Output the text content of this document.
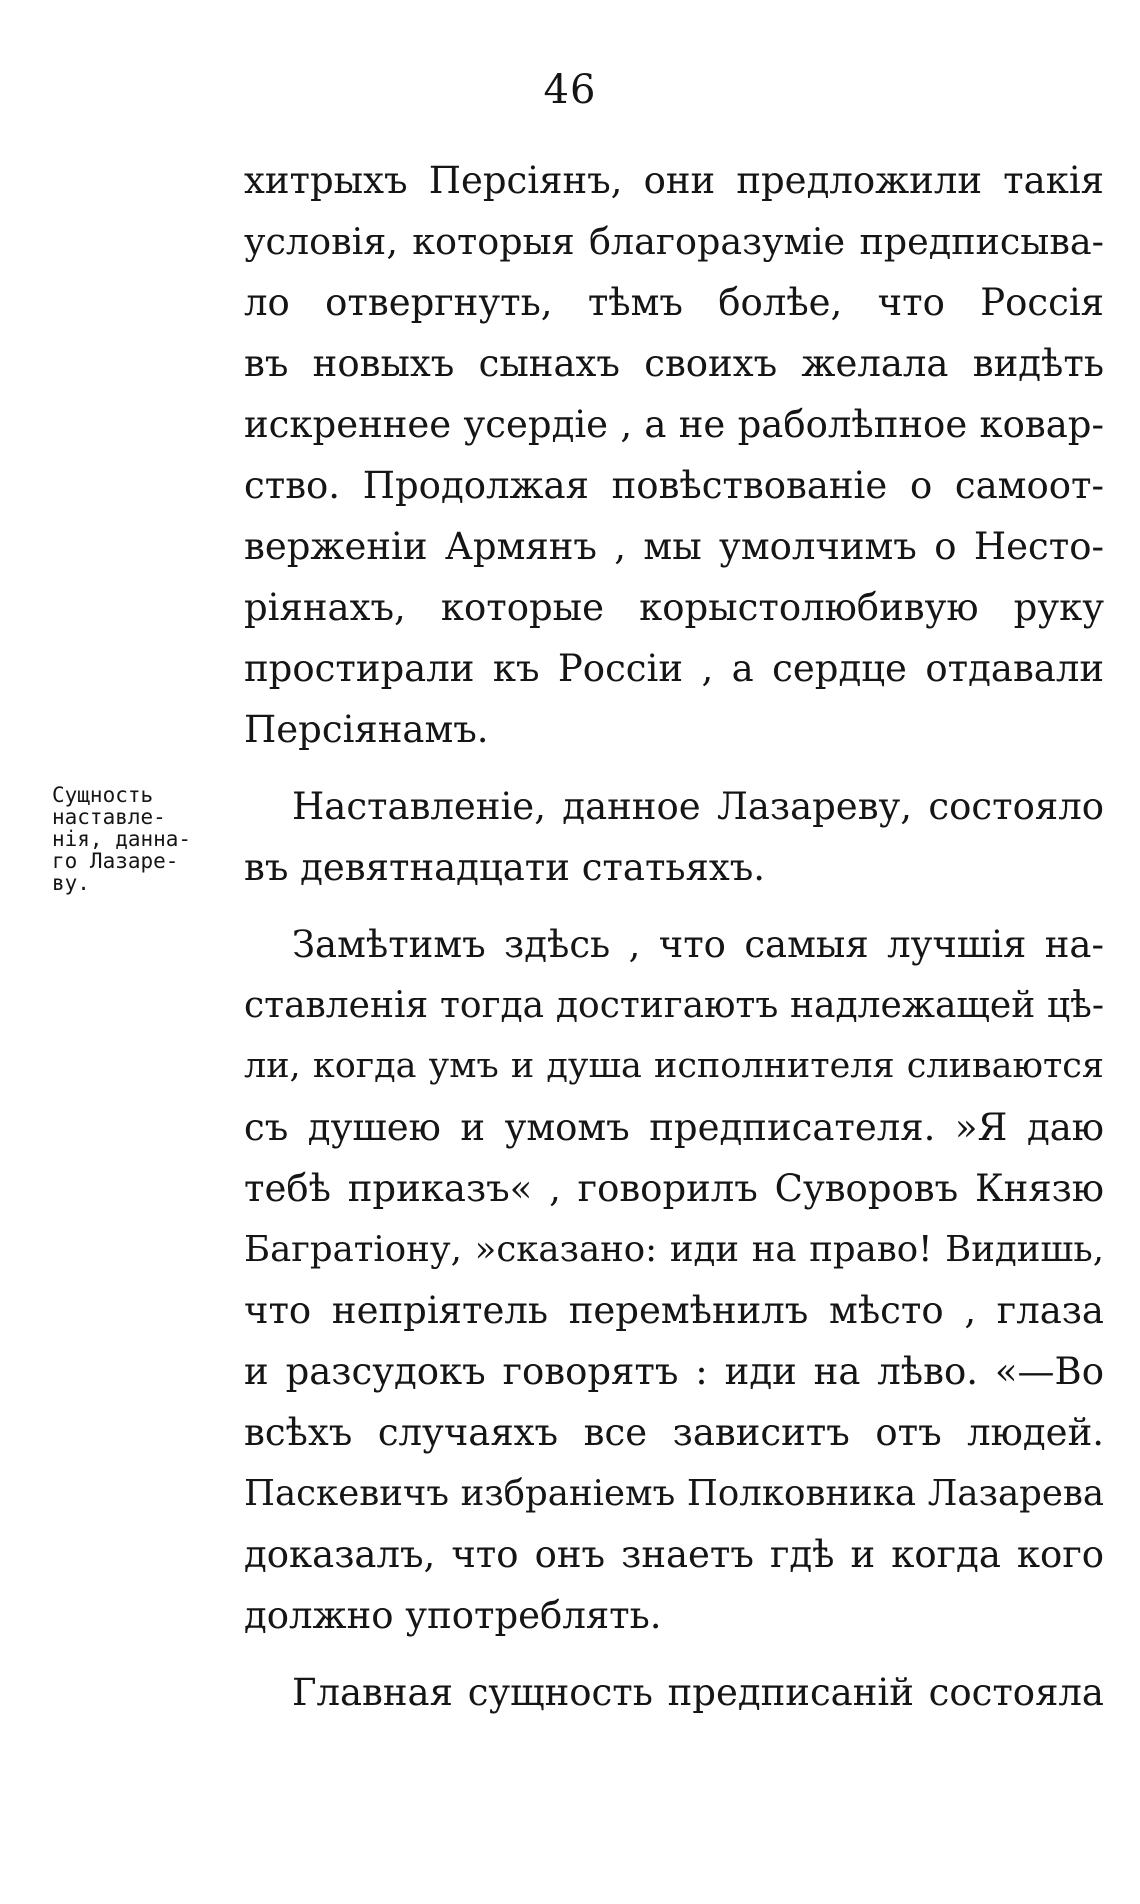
46
Сущность
наставле-
нія, данна-
го Лазаре-
ву.
хитрыхъ Персіянъ, они предложили такія
условія, которыя благоразуміе предписыва-
ло отвергнуть, тѣмъ болѣе, что Россія
въ новыхъ сынахъ своихъ желала видѣть
искреннее усердіе , а не раболѣпное ковар-
ство. Продолжая повѣствованіе о самоот-
верженіи Армянъ , мы умолчимъ о Несто-
ріянахъ, которые корыстолюбивую руку
простирали къ Россіи , а сердце отдавали
Персіянамъ.
Наставленіе, данное Лазареву, состояло
въ девятнадцати статьяхъ.
Замѣтимъ здѣсь , что самыя лучшія на-
ставленія тогда достигаютъ надлежащей цѣ-
ли, когда умъ и душа исполнителя сливаются
съ душею и умомъ предписателя. »Я даю
тебѣ приказъ« , говорилъ Суворовъ Князю
Багратіону, »сказано: иди на право! Видишь,
что непріятель перемѣнилъ мѣсто , глаза
и разсудокъ говорятъ : иди на лѣво. «—Во
всѣхъ случаяхъ все зависитъ отъ людей.
Паскевичъ избраніемъ Полковника Лазарева
доказалъ, что онъ знаетъ гдѣ и когда кого
должно употреблять.
Главная сущность предписаній состояла
